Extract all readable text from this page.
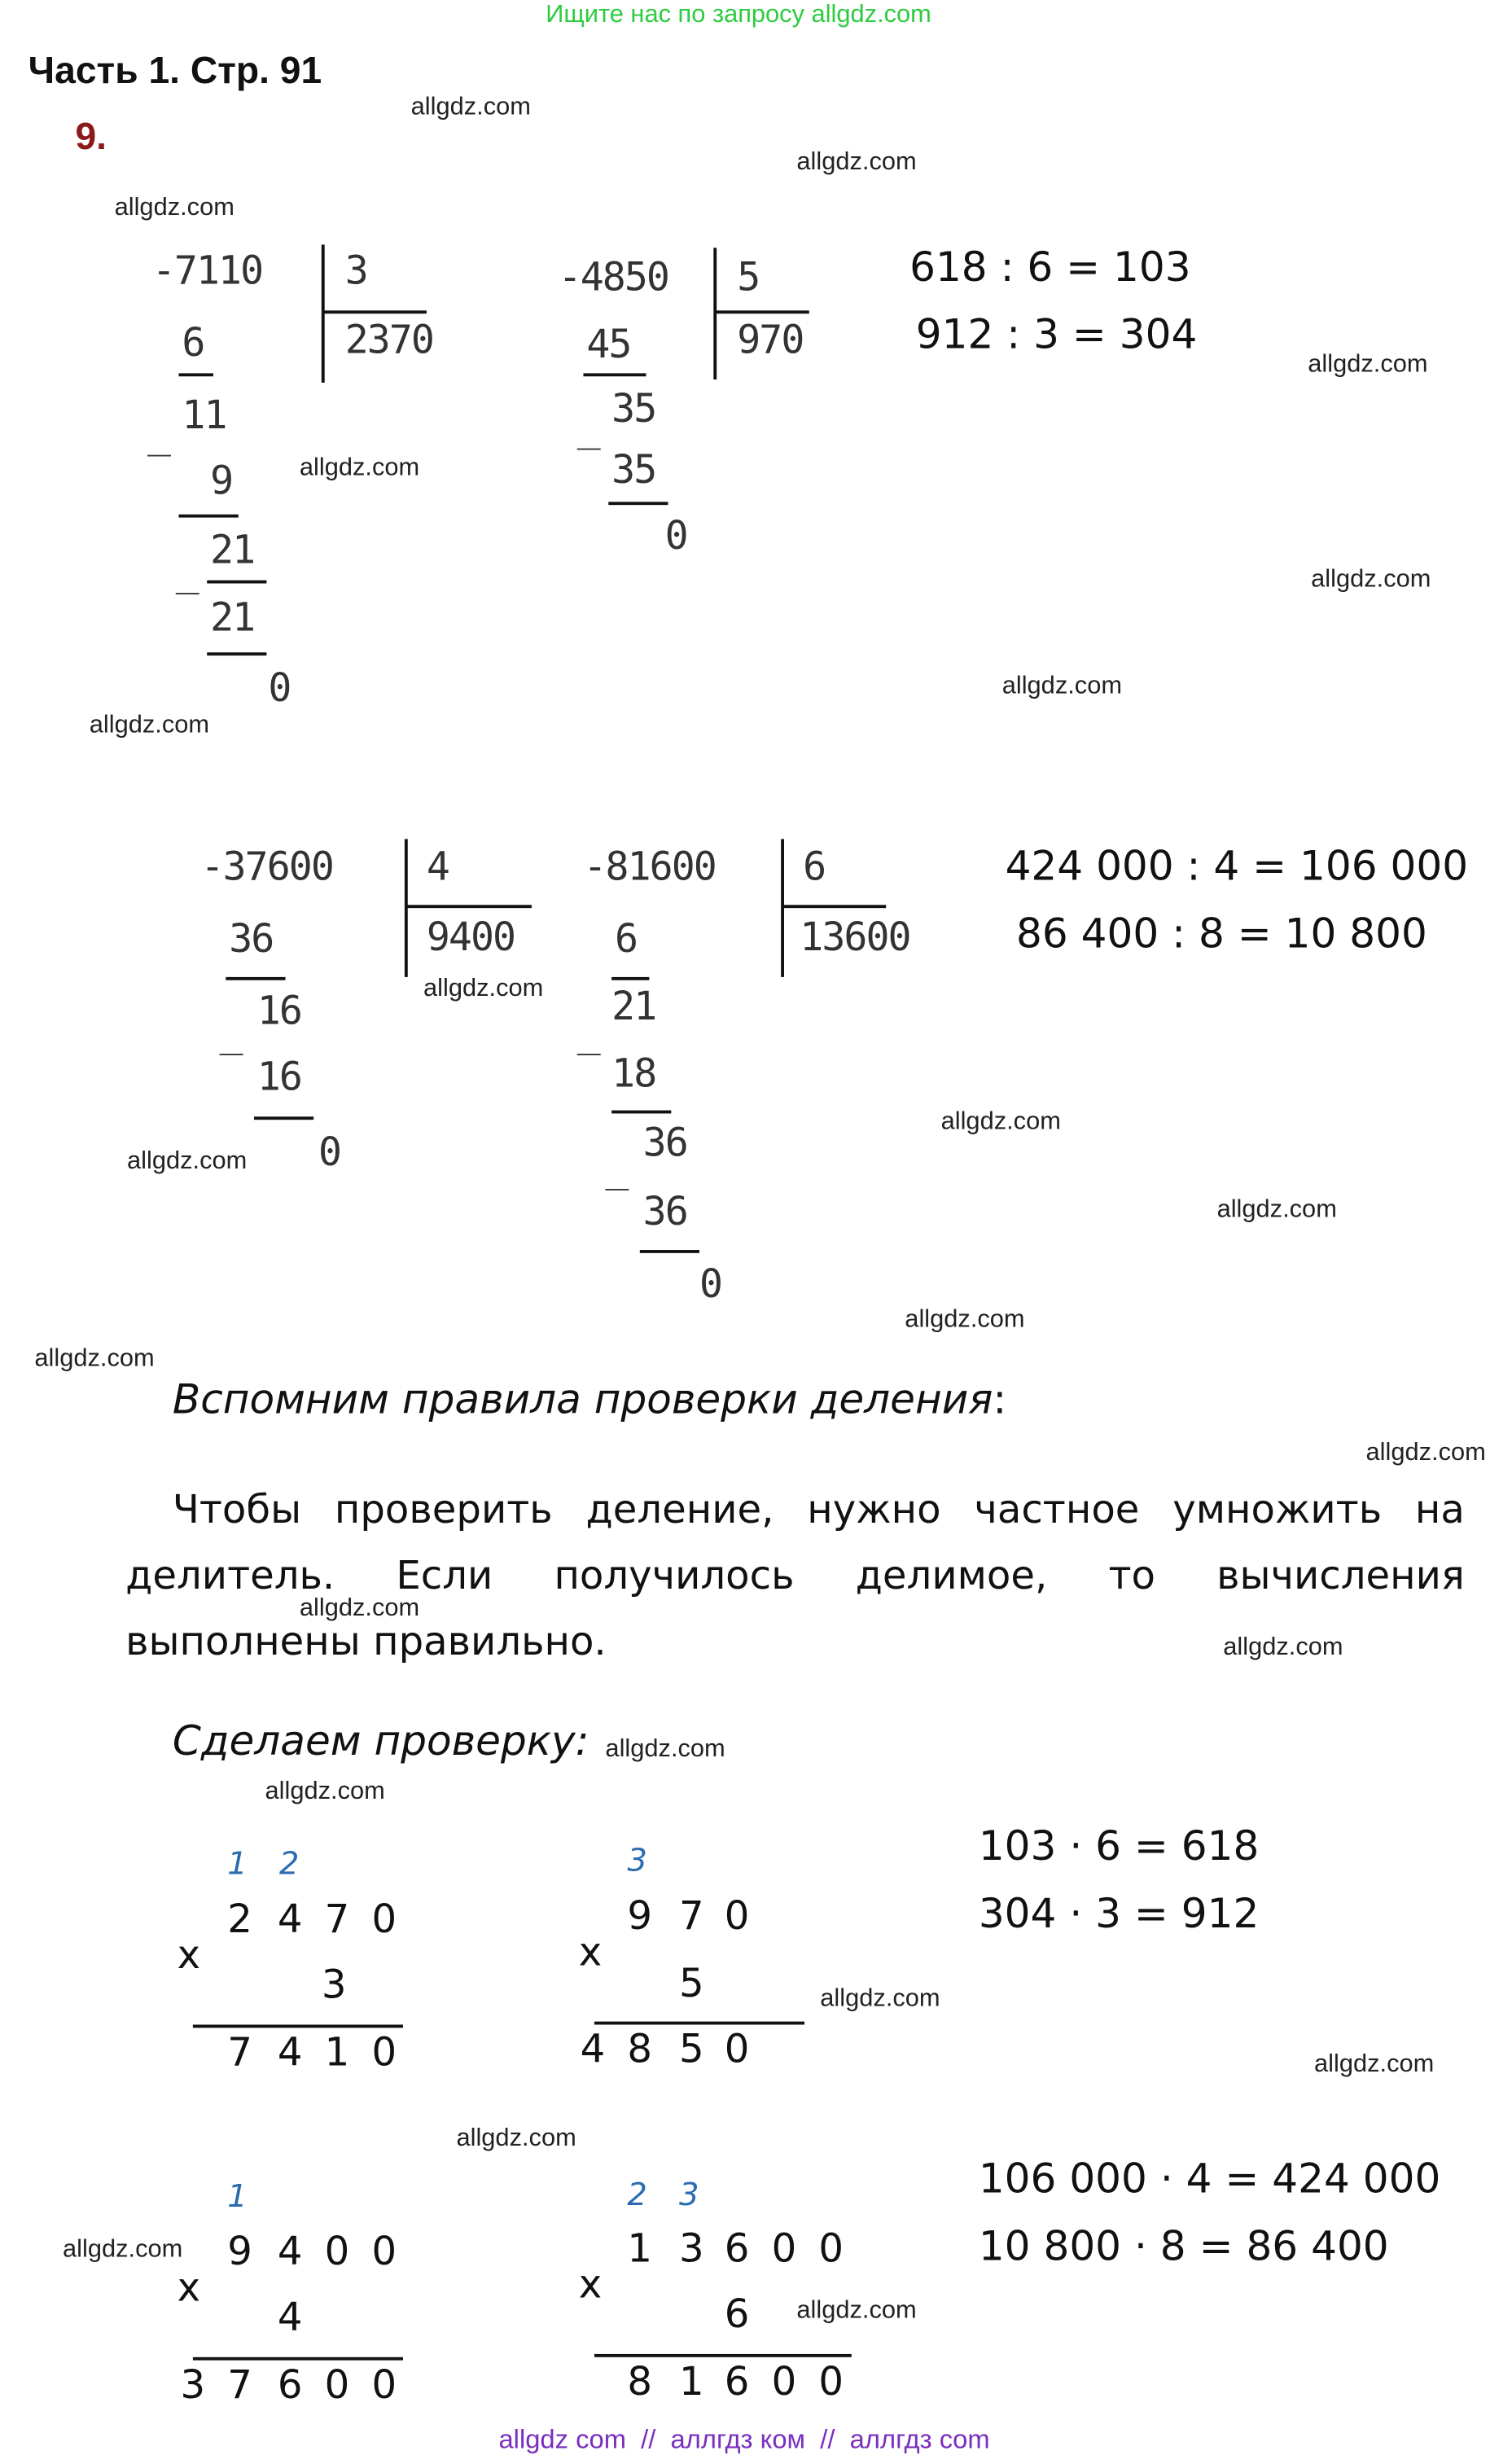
Ищите нас по запросу allgdz.com
Часть 1. Стр. 91
9.
allgdz.com
allgdz.com
allgdz.com
allgdz.com
allgdz.com
allgdz.com
allgdz.com
allgdz.com
allgdz.com
allgdz.com
allgdz.com
allgdz.com
allgdz.com
allgdz.com
allgdz.com
allgdz.com
allgdz.com
allgdz.com
allgdz.com
allgdz.com
allgdz.com
allgdz.com
allgdz.com
allgdz.com
-7110	3
2370
6
_ 11
9
_ 21
21
0
-4850	5
970
45
_ 35
35
0
618 : 6 = 103
912 : 3 = 304
-37600	4
9400
36
_ 16
16
0
-81600	6
13600
6
_
21
18
_
36
36
0
424 000 : 4 = 106 000
86 400 : 8 = 10 800
Вспомним правила проверки деления:
Чтобы проверить деление, нужно частное умножить на делитель. Если получилось делимое, то вычисления выполнены правильно.
Сделаем проверку:
1 2
2 4 7 0
x
3
7 4 1 0
3
9 7 0
x
5
4 8 5 0
103 · 6 = 618
304 · 3 = 912
1
9 4 0 0
x
4
3 7 6 0 0
2 3
1 3 6 0 0
x
6
8 1 6 0 0
106 000 · 4 = 424 000
10 800 · 8 = 86 400
allgdz com  //  аллгдз ком  //  аллгдз com
